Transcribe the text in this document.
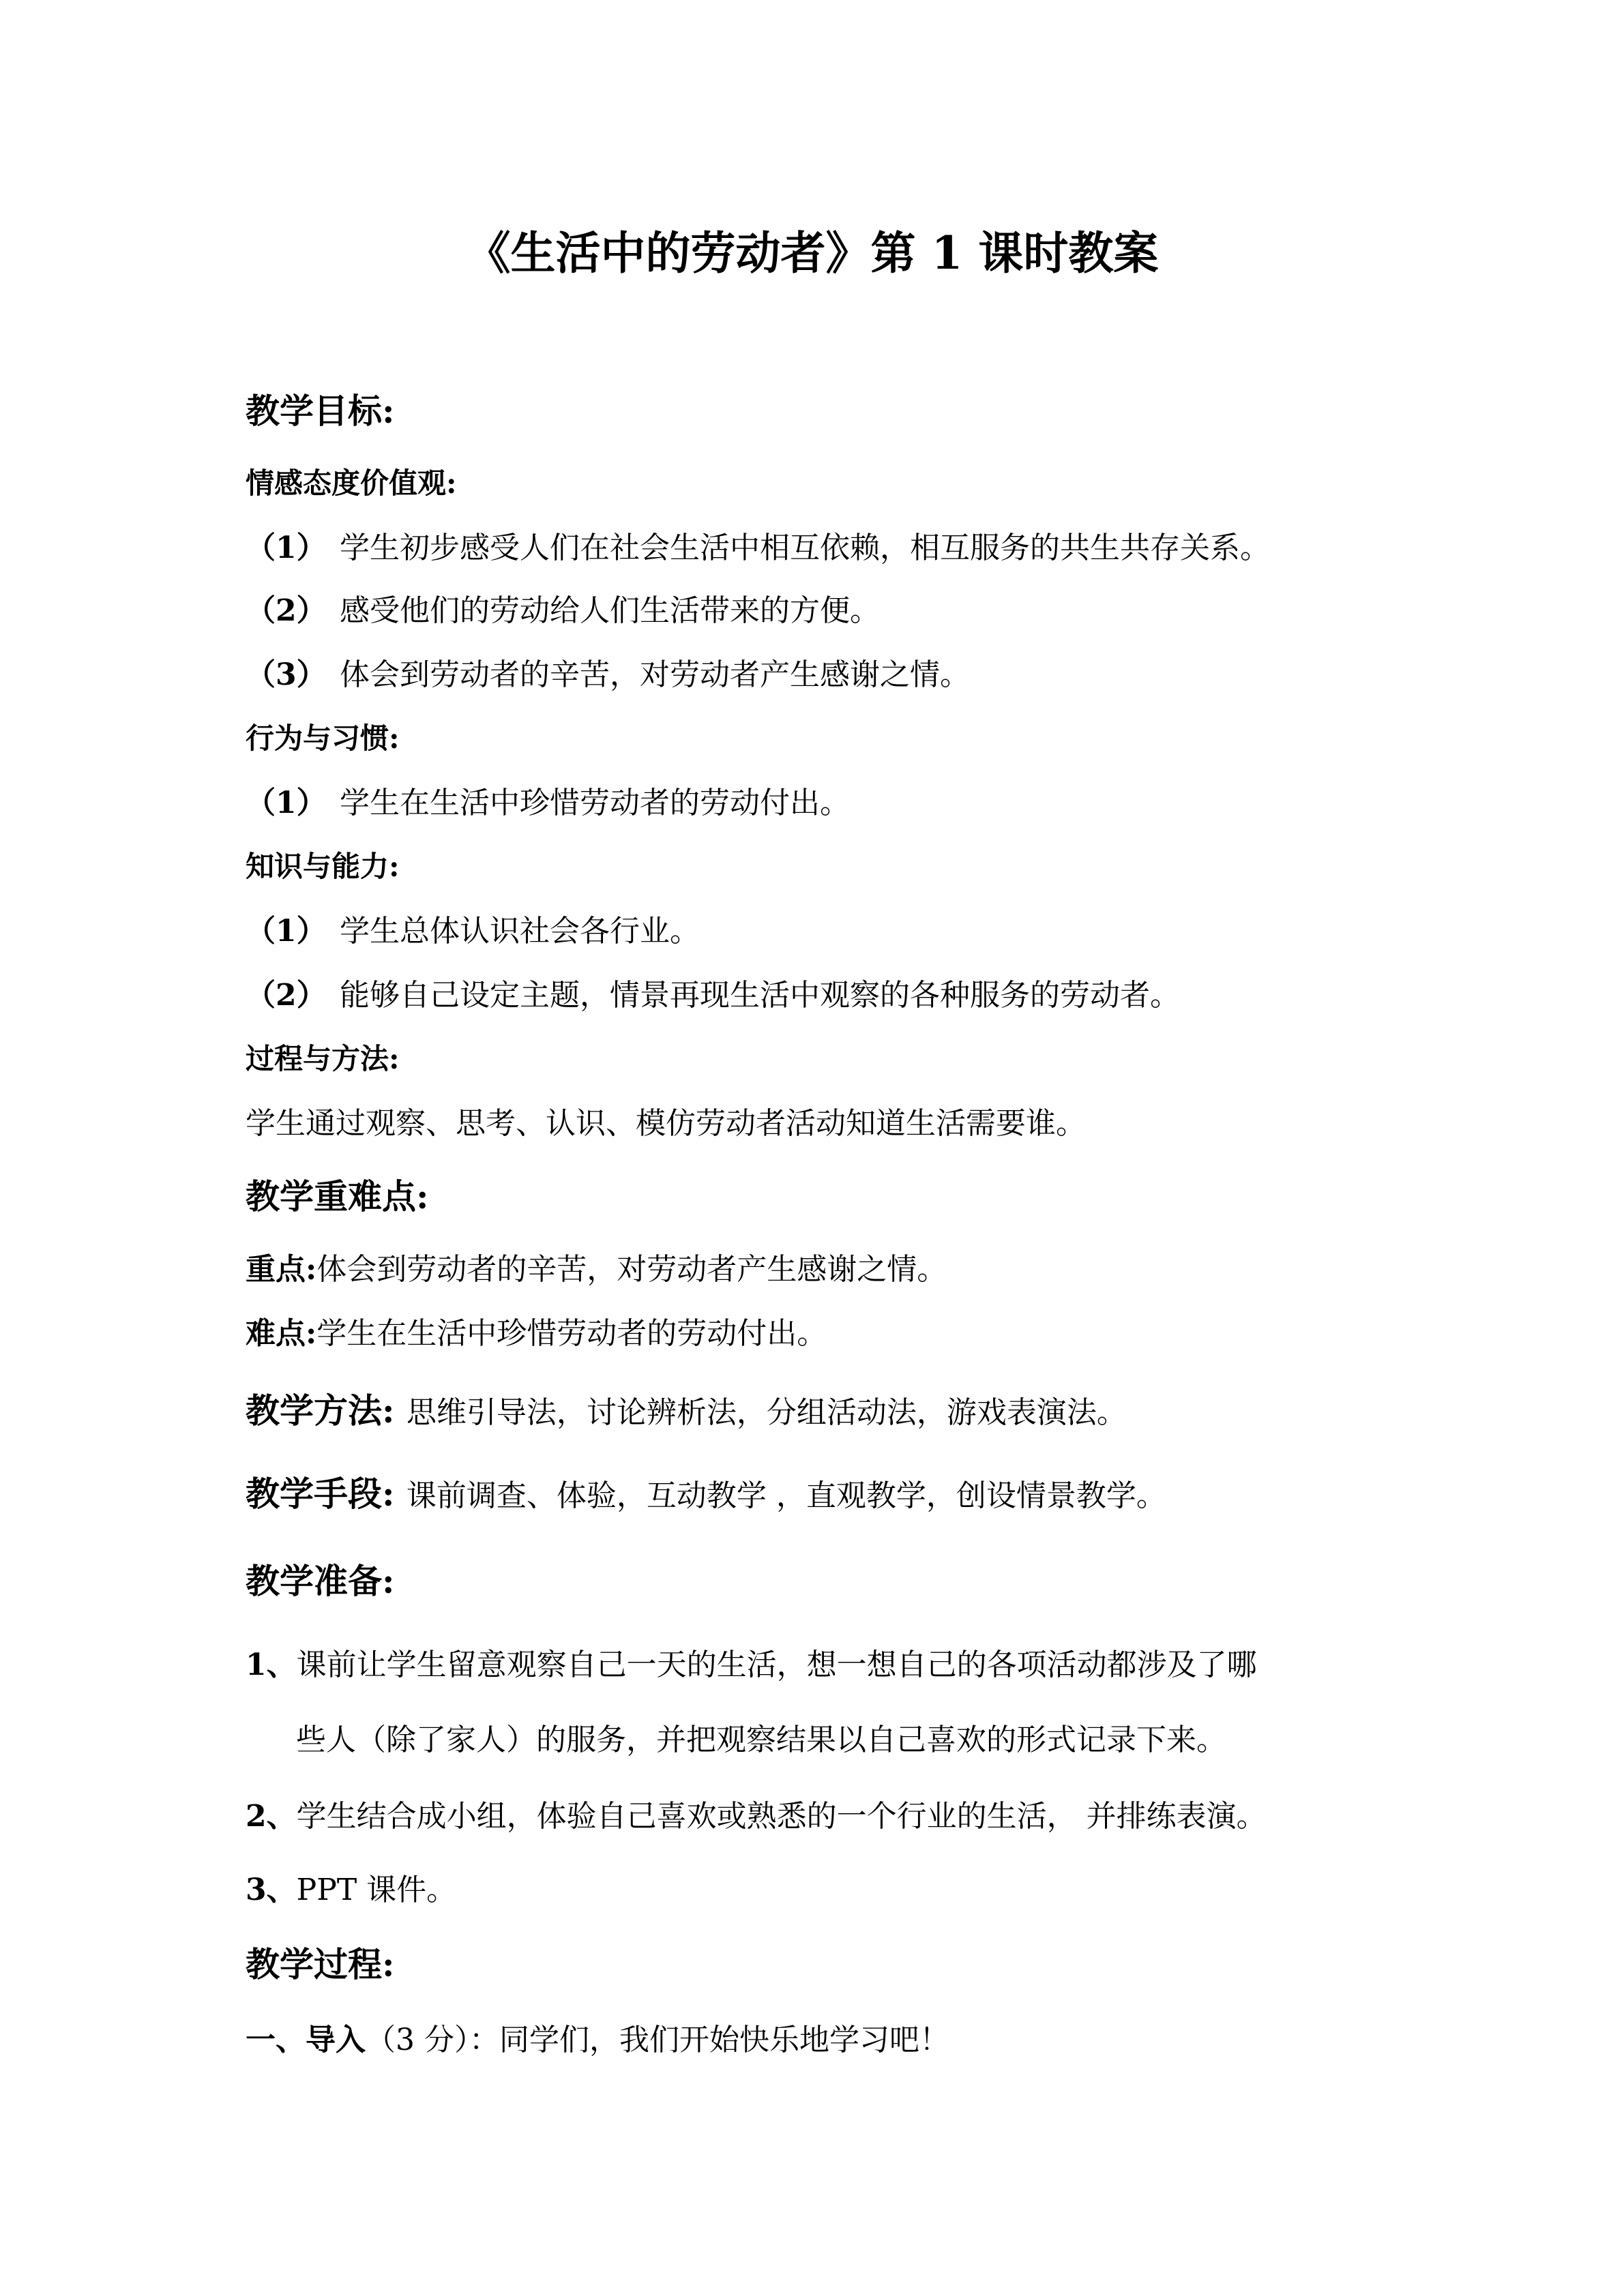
《生活中的劳动者》第 1 课时教案
教学目标:
情感态度价值观:
（1） 学生初步感受人们在社会生活中相互依赖，相互服务的共生共存关系。
（2） 感受他们的劳动给人们生活带来的方便。
（3） 体会到劳动者的辛苦，对劳动者产生感谢之情。
行为与习惯:
（1） 学生在生活中珍惜劳动者的劳动付出。
知识与能力:
（1） 学生总体认识社会各行业。
（2） 能够自己设定主题，情景再现生活中观察的各种服务的劳动者。
过程与方法:
学生通过观察、思考、认识、模仿劳动者活动知道生活需要谁。
教学重难点:
重点:体会到劳动者的辛苦，对劳动者产生感谢之情。
难点:学生在生活中珍惜劳动者的劳动付出。
教学方法: 思维引导法，讨论辨析法，分组活动法，游戏表演法。
教学手段: 课前调查、体验，互动教学 ，直观教学，创设情景教学。
教学准备:
1、课前让学生留意观察自己一天的生活，想一想自己的各项活动都涉及了哪
些人（除了家人）的服务，并把观察结果以自己喜欢的形式记录下来。
2、学生结合成小组，体验自己喜欢或熟悉的一个行业的生活， 并排练表演。
3、PPT 课件。
教学过程:
一、导入（3 分）：同学们，我们开始快乐地学习吧！
